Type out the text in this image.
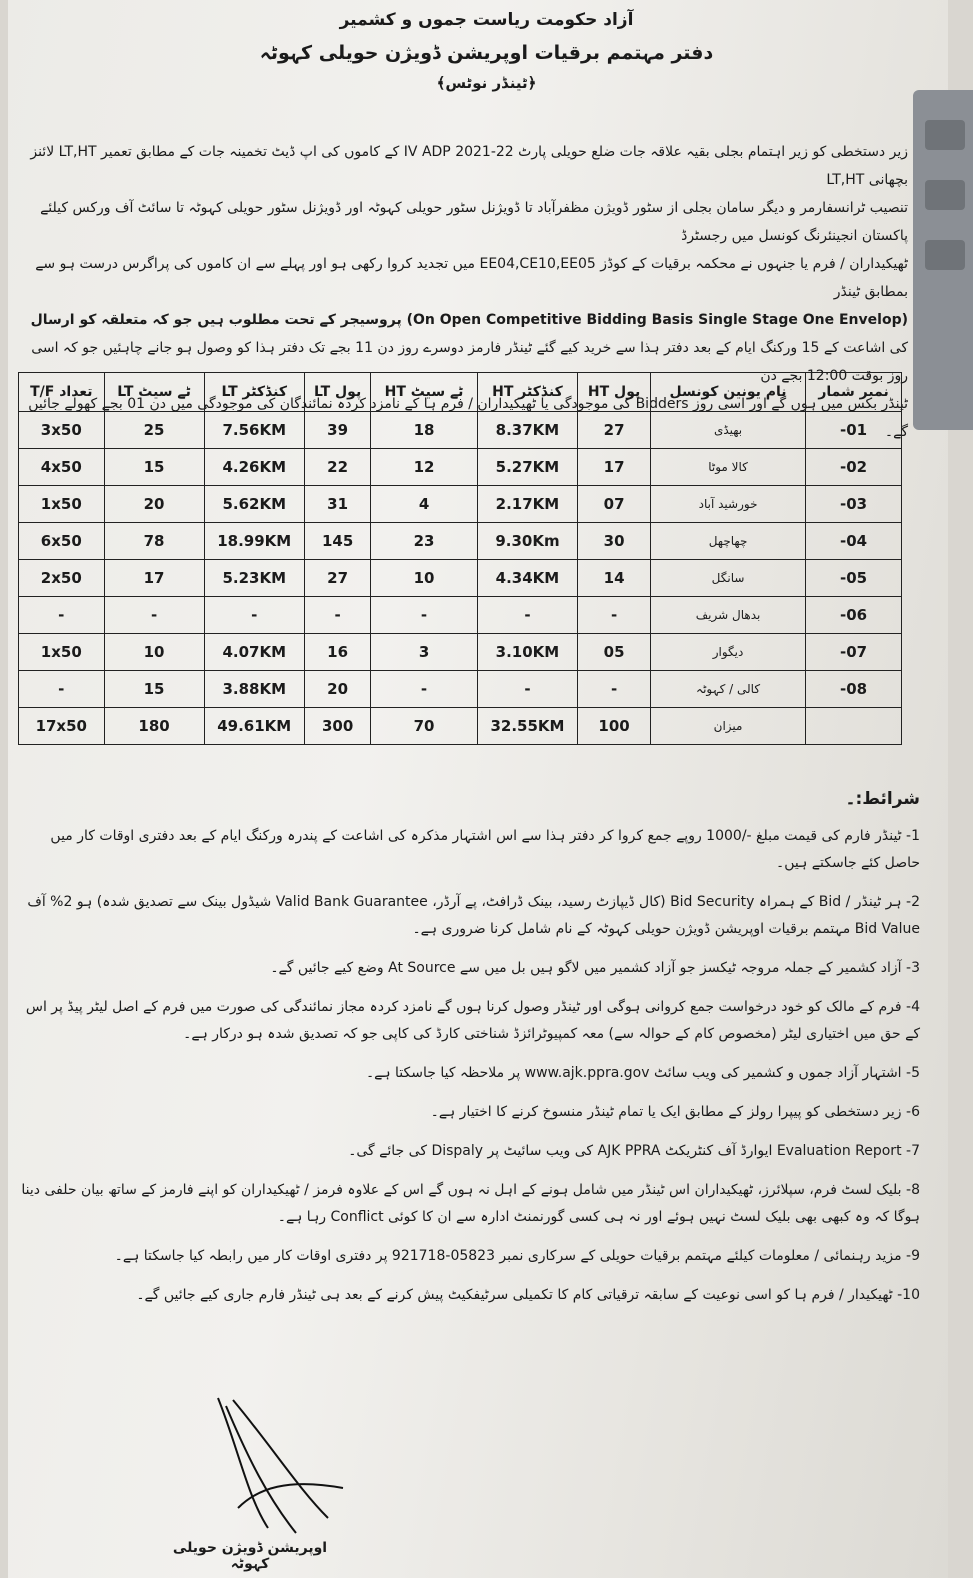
آزاد حکومت ریاست جموں و کشمیر
دفتر مہتمم برقیات اوپریشن ڈویژن حویلی کہوٹہ
﴿ٹینڈر نوٹس﴾

زیر دستخطی کو زیر اہتمام بجلی بقیہ علاقہ جات ضلع حویلی پارٹ IV ADP 2021-22 کے کاموں کی اپ ڈیٹ تخمینہ جات کے مطابق تعمیر LT,HT لائنز بچھانی LT,HT

تنصیب ٹرانسفارمر و دیگر سامان بجلی از سٹور ڈویژن مظفرآباد تا ڈویژنل سٹور حویلی کہوٹہ اور ڈویژنل سٹور حویلی کہوٹہ تا سائٹ آف ورکس کیلئے پاکستان انجینئرنگ کونسل میں رجسٹرڈ

ٹھیکیداران / فرم یا جنہوں نے محکمہ برقیات کے کوڈز EE04,CE10,EE05 میں تجدید کروا رکھی ہو اور پہلے سے ان کاموں کی پراگرس درست ہو سے بمطابق ٹینڈر

(On Open Competitive Bidding Basis Single Stage One Envelop) پروسیجر کے تحت مطلوب ہیں جو کہ متعلقہ کو ارسال

کی اشاعت کے 15 ورکنگ ایام کے بعد دفتر ہذا سے خرید کیے گئے ٹینڈر فارمز دوسرے روز دن 11 بجے تک دفتر ہذا کو وصول ہو جانے چاہئیں جو کہ اسی روز بوقت 12:00 بجے دن

ٹینڈر بکس میں ہوں گے اور اسی روز Bidders کی موجودگی یا ٹھیکیداران / فرم ہا کے نامزد کردہ نمائندگان کی موجودگی میں دن 01 بجے کھولے جائیں گے۔

T/F تعداد	LT ٹے سیٹ	LT کنڈکٹر	LT پول	HT ٹے سیٹ	HT کنڈکٹر	HT پول	نام یونین کونسل	نمبر شمار
3x50	25	7.56KM	39	18	8.37KM	27	بھیڈی	-01
4x50	15	4.26KM	22	12	5.27KM	17	کالا موٹا	-02
1x50	20	5.62KM	31	4	2.17KM	07	خورشید آباد	-03
6x50	78	18.99KM	145	23	9.30Km	30	چھاچھل	-04
2x50	17	5.23KM	27	10	4.34KM	14	سانگل	-05
-	-	-	-	-	-	-	بدھال شریف	-06
1x50	10	4.07KM	16	3	3.10KM	05	دیگوار	-07
-	15	3.88KM	20	-	-	-	کالی / کہوٹہ	-08
17x50	180	49.61KM	300	70	32.55KM	100	میزان	
شرائط:۔
1- ٹینڈر فارم کی قیمت مبلغ -/1000 روپے جمع کروا کر دفتر ہذا سے اس اشتہار مذکرہ کی اشاعت کے پندرہ ورکنگ ایام کے بعد دفتری اوقات کار میں حاصل کئے جاسکتے ہیں۔
2- ہر ٹینڈر / Bid کے ہمراہ Bid Security (کال ڈیپازٹ رسید، بینک ڈرافٹ، پے آرڈر، Valid Bank Guarantee شیڈول بینک سے تصدیق شدہ) ہو 2% آف Bid Value مہتمم برقیات اوپریشن ڈویژن حویلی کہوٹہ کے نام شامل کرنا ضروری ہے۔
3- آزاد کشمیر کے جملہ مروجہ ٹیکسز جو آزاد کشمیر میں لاگو ہیں بل میں سے At Source وضع کیے جائیں گے۔
4- فرم کے مالک کو خود درخواست جمع کروانی ہوگی اور ٹینڈر وصول کرنا ہوں گے نامزد کردہ مجاز نمائندگی کی صورت میں فرم کے اصل لیٹر پیڈ پر اس کے حق میں اختیاری لیٹر (مخصوص کام کے حوالہ سے) معہ کمپیوٹرائزڈ شناختی کارڈ کی کاپی جو کہ تصدیق شدہ ہو درکار ہے۔
5- اشتہار آزاد جموں و کشمیر کی ویب سائٹ www.ajk.ppra.gov پر ملاحظہ کیا جاسکتا ہے۔
6- زیر دستخطی کو پیپرا رولز کے مطابق ایک یا تمام ٹینڈر منسوخ کرنے کا اختیار ہے۔
7- Evaluation Report ایوارڈ آف کنٹریکٹ AJK PPRA کی ویب سائیٹ پر Dispaly کی جائے گی۔
8- بلیک لسٹ فرم، سپلائرز، ٹھیکیداران اس ٹینڈر میں شامل ہونے کے اہل نہ ہوں گے اس کے علاوہ فرمز / ٹھیکیداران کو اپنے فارمز کے ساتھ بیان حلفی دینا ہوگا کہ وہ کبھی بھی بلیک لسٹ نہیں ہوئے اور نہ ہی کسی گورنمنٹ ادارہ سے ان کا کوئی Conflict رہا ہے۔
9- مزید رہنمائی / معلومات کیلئے مہتمم برقیات حویلی کے سرکاری نمبر 05823-921718 پر دفتری اوقات کار میں رابطہ کیا جاسکتا ہے۔
10- ٹھیکیدار / فرم ہا کو اسی نوعیت کے سابقہ ترقیاتی کام کا تکمیلی سرٹیفکیٹ پیش کرنے کے بعد ہی ٹینڈر فارم جاری کیے جائیں گے۔
اوپریشن ڈویژن حویلی کہوٹہ
